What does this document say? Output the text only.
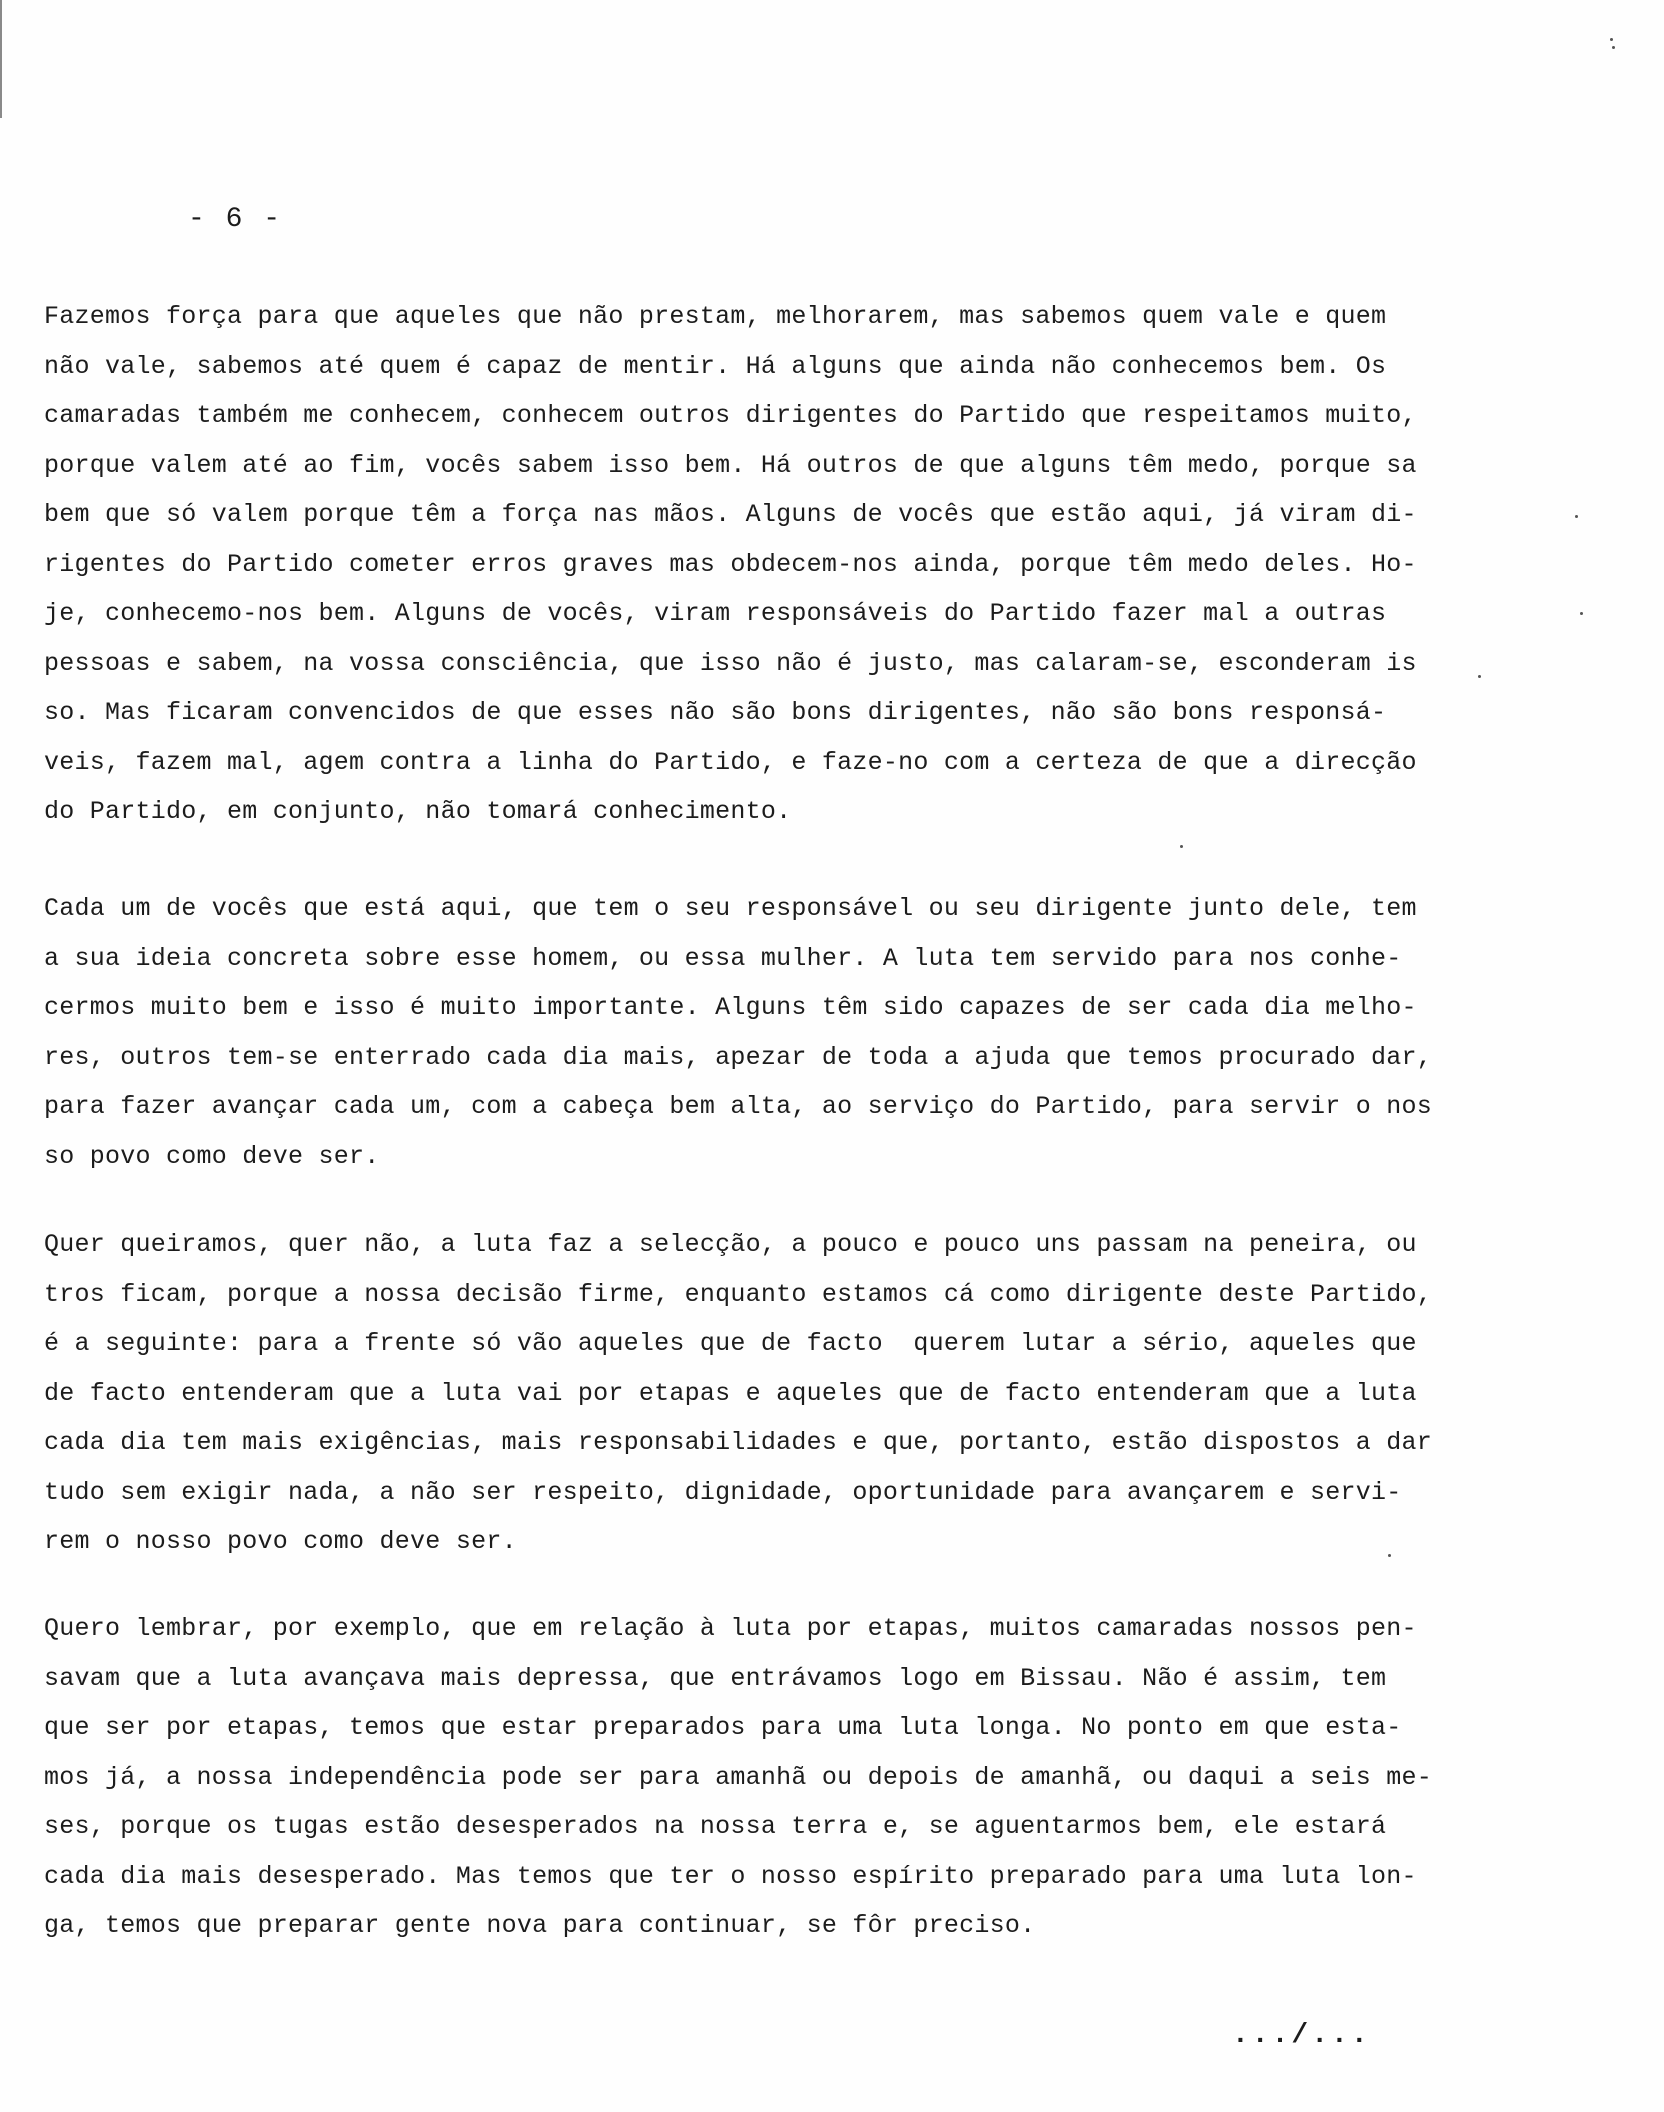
- 6 -
Fazemos força para que aqueles que não prestam, melhorarem, mas sabemos quem vale e quem
não vale, sabemos até quem é capaz de mentir. Há alguns que ainda não conhecemos bem. Os
camaradas também me conhecem, conhecem outros dirigentes do Partido que respeitamos muito,
porque valem até ao fim, vocês sabem isso bem. Há outros de que alguns têm medo, porque sa
bem que só valem porque têm a força nas mãos. Alguns de vocês que estão aqui, já viram di-
rigentes do Partido cometer erros graves mas obdecem-nos ainda, porque têm medo deles. Ho-
je, conhecemo-nos bem. Alguns de vocês, viram responsáveis do Partido fazer mal a outras
pessoas e sabem, na vossa consciência, que isso não é justo, mas calaram-se, esconderam is
so. Mas ficaram convencidos de que esses não são bons dirigentes, não são bons responsá-
veis, fazem mal, agem contra a linha do Partido, e faze-no com a certeza de que a direcção
do Partido, em conjunto, não tomará conhecimento.
Cada um de vocês que está aqui, que tem o seu responsável ou seu dirigente junto dele, tem
a sua ideia concreta sobre esse homem, ou essa mulher. A luta tem servido para nos conhe-
cermos muito bem e isso é muito importante. Alguns têm sido capazes de ser cada dia melho-
res, outros tem-se enterrado cada dia mais, apezar de toda a ajuda que temos procurado dar,
para fazer avançar cada um, com a cabeça bem alta, ao serviço do Partido, para servir o nos
so povo como deve ser.
Quer queiramos, quer não, a luta faz a selecção, a pouco e pouco uns passam na peneira, ou
tros ficam, porque a nossa decisão firme, enquanto estamos cá como dirigente deste Partido,
é a seguinte: para a frente só vão aqueles que de facto  querem lutar a sério, aqueles que
de facto entenderam que a luta vai por etapas e aqueles que de facto entenderam que a luta
cada dia tem mais exigências, mais responsabilidades e que, portanto, estão dispostos a dar
tudo sem exigir nada, a não ser respeito, dignidade, oportunidade para avançarem e servi-
rem o nosso povo como deve ser.
Quero lembrar, por exemplo, que em relação à luta por etapas, muitos camaradas nossos pen-
savam que a luta avançava mais depressa, que entrávamos logo em Bissau. Não é assim, tem
que ser por etapas, temos que estar preparados para uma luta longa. No ponto em que esta-
mos já, a nossa independência pode ser para amanhã ou depois de amanhã, ou daqui a seis me-
ses, porque os tugas estão desesperados na nossa terra e, se aguentarmos bem, ele estará
cada dia mais desesperado. Mas temos que ter o nosso espírito preparado para uma luta lon-
ga, temos que preparar gente nova para continuar, se fôr preciso.
.../...
